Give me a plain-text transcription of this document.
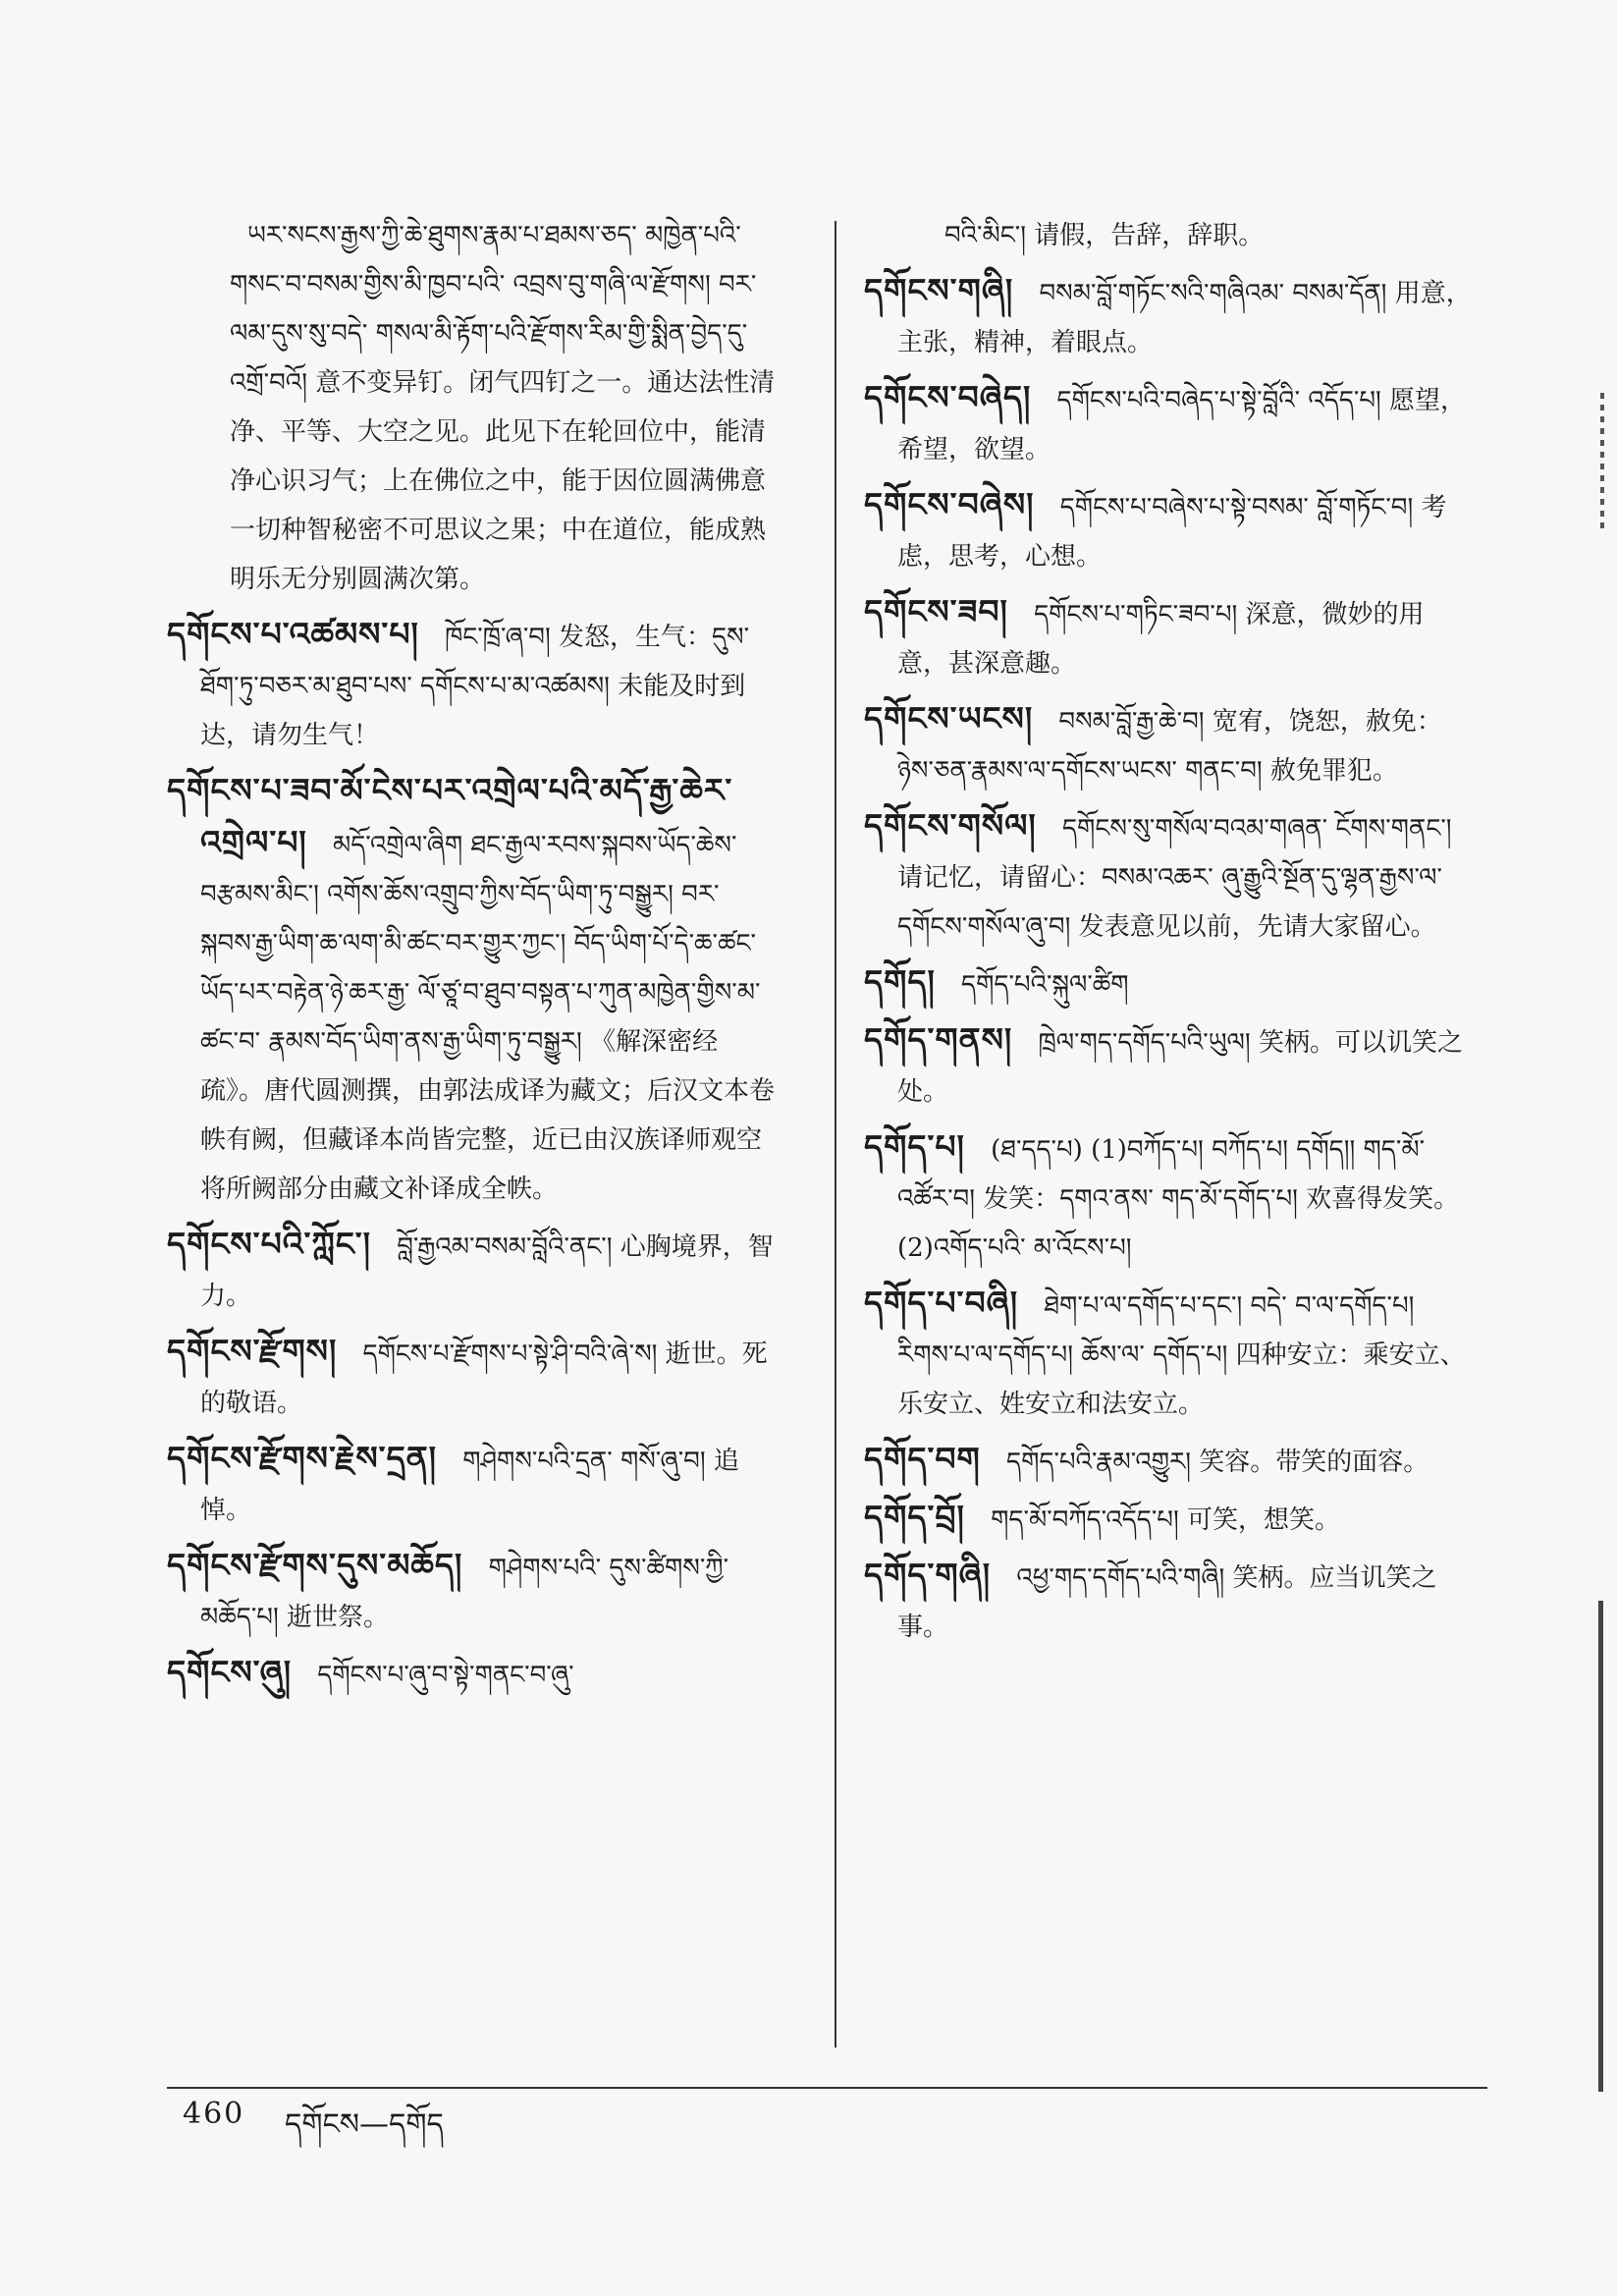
ཡར་སངས་རྒྱས་ཀྱི་ཆེ་ཐུགས་རྣམ་པ་ཐམས་ཅད་ མཁྱེན་པའི་གསང་བ་བསམ་གྱིས་མི་ཁྱབ་པའི་ འབྲས་བུ་གཞི་ལ་རྫོགས། བར་ལམ་དུས་སུ་བདེ་ གསལ་མི་རྟོག་པའི་རྫོགས་རིམ་གྱི་སྨིན་བྱེད་དུ་ འགྲོ་བའོ། 意不变异钉。闭气四钉之一。通达法性清净、平等、大空之见。此见下在轮回位中，能清净心识习气；上在佛位之中，能于因位圆满佛意一切种智秘密不可思议之果；中在道位，能成熟明乐无分别圆满次第。
དགོངས་པ་འཚམས་པ། ཁོང་ཁྲོ་ཞ་བ། 发怒，生气：དུས་ཐོག་ཏུ་བཅར་མ་ཐུབ་པས་ དགོངས་པ་མ་འཚམས། 未能及时到达，请勿生气！
དགོངས་པ་ཟབ་མོ་ངེས་པར་འགྲེལ་པའི་མདོ་རྒྱ་ཆེར་འགྲེལ་པ། མདོ་འགྲེལ་ཞིག ཐང་རྒྱལ་རབས་སྐབས་ཡོད་ཆེས་བརྩམས་མིང་། འགོས་ཆོས་འགྲུབ་ཀྱིས་བོད་ཡིག་ཏུ་བསྒྱུར། བར་ སྐབས་རྒྱ་ཡིག་ཆ་ལག་མི་ཚང་བར་གྱུར་ཀྱང་། བོད་ཡིག་པོ་དེ་ཆ་ཚང་ཡོད་པར་བརྟེན་ཉེ་ཆར་རྒྱ་ ལོ་ཙཱ་བ་ཐུབ་བསྟན་པ་ཀུན་མཁྱེན་གྱིས་མ་ཚང་བ་ རྣམས་བོད་ཡིག་ནས་རྒྱ་ཡིག་ཏུ་བསྒྱུར། 《解深密经疏》。唐代圆测撰，由郭法成译为藏文；后汉文本卷帙有阙，但藏译本尚皆完整，近已由汉族译师观空将所阙部分由藏文补译成全帙。
དགོངས་པའི་ཀློང་། བློ་རྒྱའམ་བསམ་བློའི་ནང་། 心胸境界，智力。
དགོངས་རྫོགས། དགོངས་པ་རྫོགས་པ་སྟེ་ཤི་བའི་ཞེ་ས། 逝世。死的敬语。
དགོངས་རྫོགས་རྗེས་དྲན། གཤེགས་པའི་དྲན་ གསོ་ཞུ་བ། 追悼。
དགོངས་རྫོགས་དུས་མཆོད། གཤེགས་པའི་ དུས་ཚིགས་ཀྱི་མཆོད་པ། 逝世祭。
དགོངས་ཞུ། དགོངས་པ་ཞུ་བ་སྟེ་གནང་བ་ཞུ་
བའི་མིང་། 请假，告辞，辞职。
དགོངས་གཞི། བསམ་བློ་གཏོང་སའི་གཞིའམ་ བསམ་དོན། 用意，主张，精神，着眼点。
དགོངས་བཞེད། དགོངས་པའི་བཞེད་པ་སྟེ་བློའི་ འདོད་པ། 愿望，希望，欲望。
དགོངས་བཞེས། དགོངས་པ་བཞེས་པ་སྟེ་བསམ་ བློ་གཏོང་བ། 考虑，思考，心想。
དགོངས་ཟབ། དགོངས་པ་གཏིང་ཟབ་པ། 深意，微妙的用意，甚深意趣。
དགོངས་ཡངས། བསམ་བློ་རྒྱ་ཆེ་བ། 宽宥，饶恕，赦免：ཉེས་ཅན་རྣམས་ལ་དགོངས་ཡངས་ གནང་བ། 赦免罪犯。
དགོངས་གསོལ། དགོངས་སུ་གསོལ་བའམ་གཞན་ ངོགས་གནང་། 请记忆，请留心：བསམ་འཆར་ ཞུ་རྒྱུའི་སྔོན་དུ་ལྷན་རྒྱས་ལ་དགོངས་གསོལ་ཞུ་བ། 发表意见以前，先请大家留心。
དགོད། དགོད་པའི་སྐུལ་ཚིག
དགོད་གནས། ཁྲེལ་གད་དགོད་པའི་ཡུལ། 笑柄。可以讥笑之处。
དགོད་པ། (ཐ་དད་པ) (1)བཀོད་པ། བཀོད་པ། དགོད།། གད་མོ་འཚོར་བ། 发笑：དགའ་ནས་ གད་མོ་དགོད་པ། 欢喜得发笑。(2)འགོད་པའི་ མ་འོངས་པ།
དགོད་པ་བཞི། ཐེག་པ་ལ་དགོད་པ་དང་། བདེ་ བ་ལ་དགོད་པ། རིགས་པ་ལ་དགོད་པ། ཆོས་ལ་ དགོད་པ། 四种安立：乘安立、乐安立、姓安立和法安立。
དགོད་བག དགོད་པའི་རྣམ་འགྱུར། 笑容。带笑的面容。
དགོད་བྲོ། གད་མོ་བཀོད་འདོད་པ། 可笑，想笑。
དགོད་གཞི། འཕྱ་གད་དགོད་པའི་གཞི། 笑柄。应当讥笑之事。
460 དགོངས—དགོད
